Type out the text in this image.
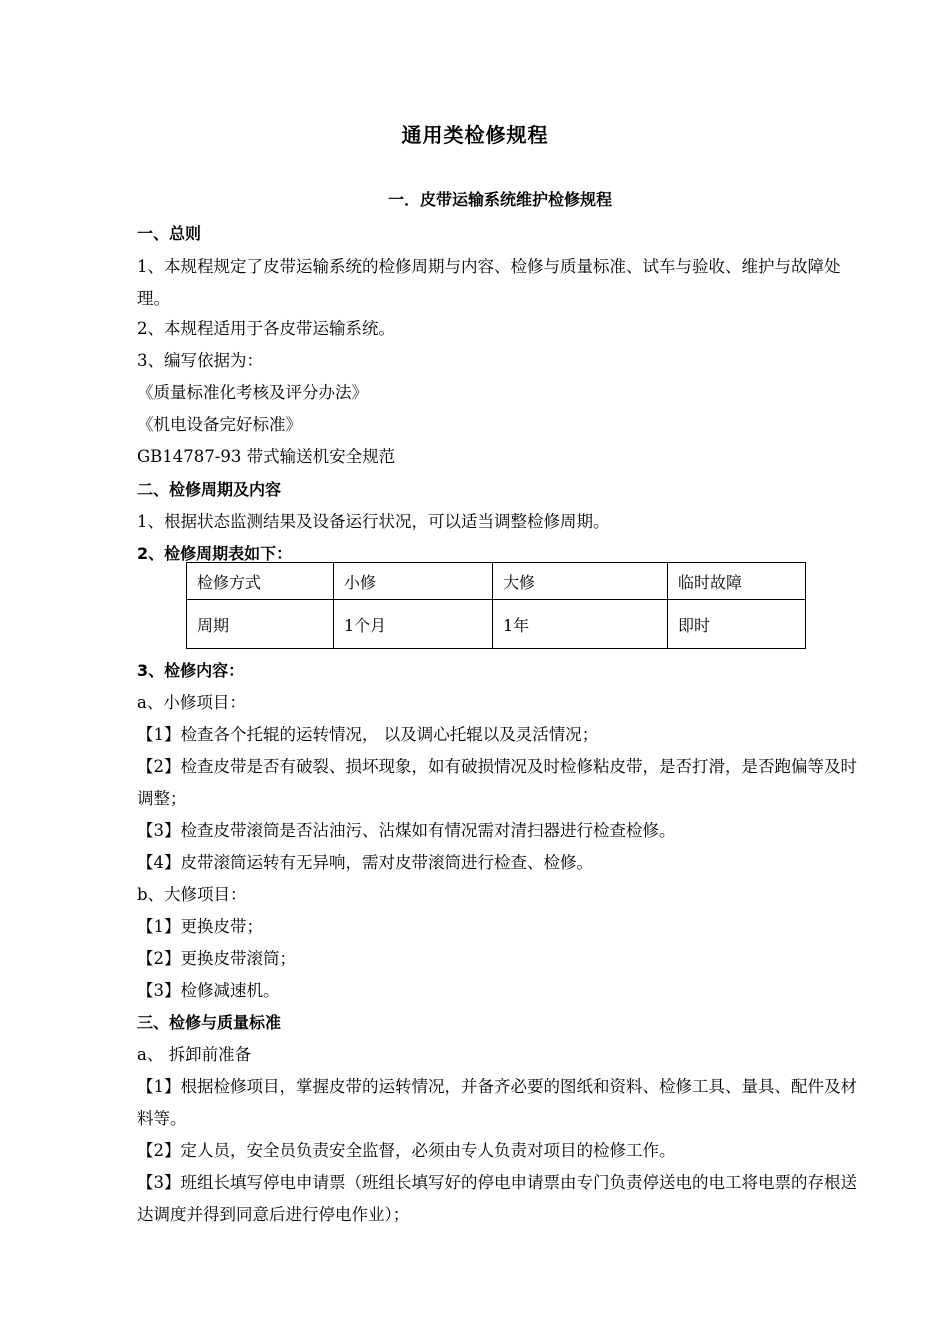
通用类检修规程
一．皮带运输系统维护检修规程
一、总则
1、本规程规定了皮带运输系统的检修周期与内容、检修与质量标准、试车与验收、维护与故障处理。
2、本规程适用于各皮带运输系统。
3、编写依据为：
《质量标准化考核及评分办法》
《机电设备完好标准》
GB14787-93 带式输送机安全规范
二、检修周期及内容
1、根据状态监测结果及设备运行状况，可以适当调整检修周期。
2、检修周期表如下：
检修方式	小修	大修	临时故障
周期	1个月	1年	即时
3、检修内容：
a、小修项目：
【1】检查各个托辊的运转情况， 以及调心托辊以及灵活情况；
【2】检查皮带是否有破裂、损坏现象，如有破损情况及时检修粘皮带，是否打滑，是否跑偏等及时调整；
【3】检查皮带滚筒是否沾油污、沾煤如有情况需对清扫器进行检查检修。
【4】皮带滚筒运转有无异响，需对皮带滚筒进行检查、检修。
b、大修项目：
【1】更换皮带；
【2】更换皮带滚筒；
【3】检修减速机。
三、检修与质量标准
a、 拆卸前准备
【1】根据检修项目，掌握皮带的运转情况，并备齐必要的图纸和资料、检修工具、量具、配件及材料等。
【2】定人员，安全员负责安全监督，必须由专人负责对项目的检修工作。
【3】班组长填写停电申请票（班组长填写好的停电申请票由专门负责停送电的电工将电票的存根送达调度并得到同意后进行停电作业）；
